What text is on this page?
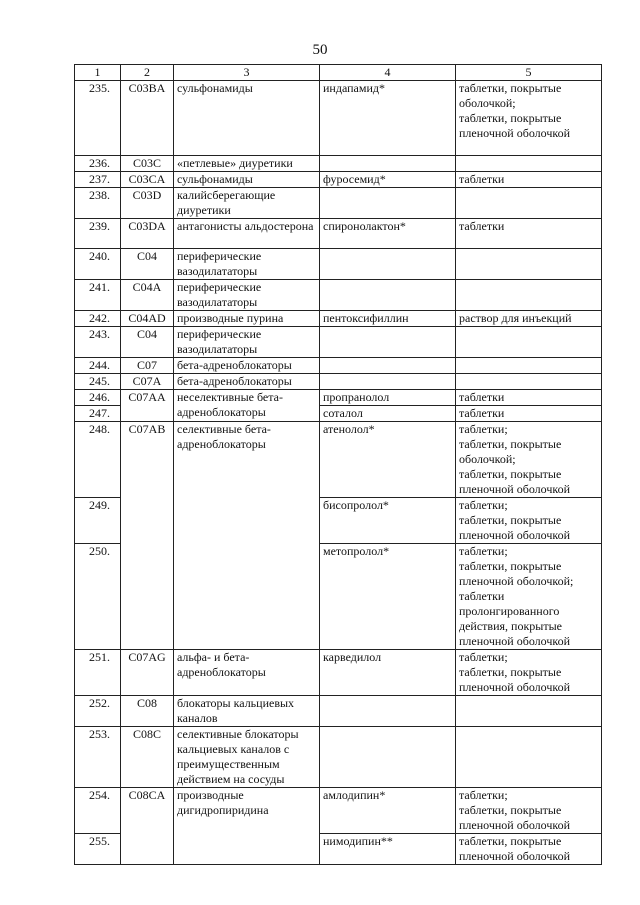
50
1	2	3	4	5
235.	C03BA	сульфонамиды	индапамид*	таблетки, покрытые оболочкой;
таблетки, покрытые пленочной оболочкой
236.	C03C	«петлевые» диуретики		
237.	C03CA	сульфонамиды	фуросемид*	таблетки
238.	C03D	калийсберегающие диуретики		
239.	C03DA	антагонисты альдостерона	спиронолактон*	таблетки
240.	C04	периферические вазодилататоры		
241.	C04A	периферические вазодилататоры		
242.	C04AD	производные пурина	пентоксифиллин	раствор для инъекций
243.	C04	периферические вазодилататоры		
244.	C07	бета-адреноблокаторы		
245.	C07A	бета-адреноблокаторы		
246.	C07AA	неселективные бета-адреноблокаторы	пропранолол	таблетки
247.			соталол	таблетки
248.	C07AB	селективные бета-адреноблокаторы	атенолол*	таблетки;
таблетки, покрытые оболочкой;
таблетки, покрытые пленочной оболочкой
249.			бисопролол*	таблетки;
таблетки, покрытые пленочной оболочкой
250.			метопролол*	таблетки;
таблетки, покрытые пленочной оболочкой;
таблетки пролонгированного действия, покрытые пленочной оболочкой
251.	C07AG	альфа- и бета-адреноблокаторы	карведилол	таблетки;
таблетки, покрытые пленочной оболочкой
252.	C08	блокаторы кальциевых каналов		
253.	C08C	селективные блокаторы кальциевых каналов с преимущественным действием на сосуды		
254.	C08CA	производные дигидропиридина	амлодипин*	таблетки;
таблетки, покрытые пленочной оболочкой
255.			нимодипин**	таблетки, покрытые пленочной оболочкой
